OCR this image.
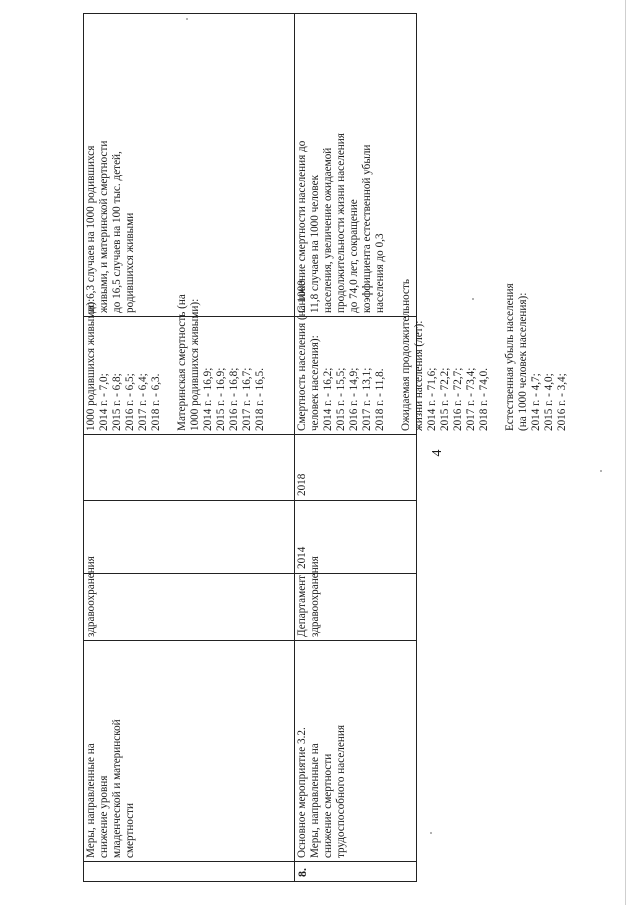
4
Меры, направленные на снижение уровня младенческой и материнской смертности
здравоохранения
1000 родившихся живыми): 2014 г. - 7,0; 2015 г. - 6,8; 2016 г. - 6,5; 2017 г. - 6,4; 2018 г. - 6,3. Материнская смертность (на 1000 родившихся живыми): 2014 г. - 16,9; 2015 г. - 16,9; 2016 г. - 16,8; 2017 г. - 16,7; 2018 г. - 16,5.
до 6,3 случаев на 1000 родившихся живыми, и материнской смертности до 16,5 случаев на 100 тыс. детей, родившихся живыми
8.
Основное мероприятие 3.2. Меры, направленные на снижение смертности трудоспособного населения
Департамент здравоохранения
2014
2018
Смертность населения (на 1000 человек населения): 2014 г. - 16,2; 2015 г. - 15,5; 2016 г. - 14,9; 2017 г. - 13,1; 2018 г. - 11,8. Ожидаемая продолжительность жизни населения (лет): 2014 г. - 71,6; 2015 г. - 72,2; 2016 г. - 72,7; 2017 г. - 73,4; 2018 г. - 74,0. Естественная убыль населения (на 1000 человек населения): 2014 г. - 4,7; 2015 г. - 4,0; 2016 г. - 3,4;
Снижение смертности населения до 11,8 случаев на 1000 человек населения, увеличение ожидаемой продолжительности жизни населения до 74,0 лет, сокращение коэффициента естественной убыли населения до 0,3
